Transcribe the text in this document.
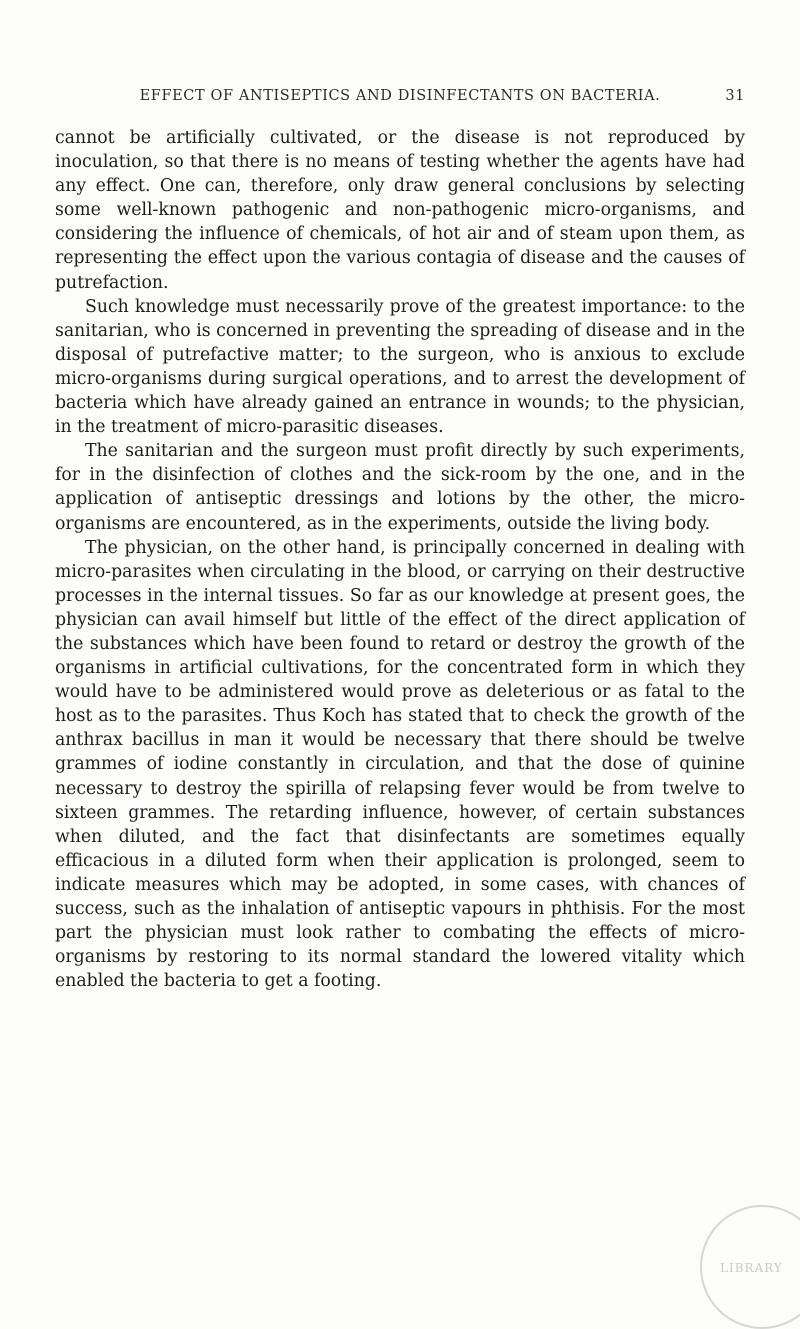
EFFECT OF ANTISEPTICS AND DISINFECTANTS ON BACTERIA.	31

cannot be artificially cultivated, or the disease is not reproduced by inoculation, so that there is no means of testing whether the agents have had any effect. One can, therefore, only draw general conclusions by selecting some well-known pathogenic and non-pathogenic micro-organisms, and considering the influence of chemicals, of hot air and of steam upon them, as representing the effect upon the various contagia of disease and the causes of putrefaction.

Such knowledge must necessarily prove of the greatest importance: to the sanitarian, who is concerned in preventing the spreading of disease and in the disposal of putrefactive matter; to the surgeon, who is anxious to exclude micro-organisms during surgical operations, and to arrest the development of bacteria which have already gained an entrance in wounds; to the physician, in the treatment of micro-parasitic diseases.

The sanitarian and the surgeon must profit directly by such experiments, for in the disinfection of clothes and the sick-room by the one, and in the application of antiseptic dressings and lotions by the other, the micro-organisms are encountered, as in the experiments, outside the living body.

The physician, on the other hand, is principally concerned in dealing with micro-parasites when circulating in the blood, or carrying on their destructive processes in the internal tissues. So far as our knowledge at present goes, the physician can avail himself but little of the effect of the direct application of the substances which have been found to retard or destroy the growth of the organisms in artificial cultivations, for the concentrated form in which they would have to be administered would prove as deleterious or as fatal to the host as to the parasites. Thus Koch has stated that to check the growth of the anthrax bacillus in man it would be necessary that there should be twelve grammes of iodine constantly in circulation, and that the dose of quinine necessary to destroy the spirilla of relapsing fever would be from twelve to sixteen grammes. The retarding influence, however, of certain substances when diluted, and the fact that disinfectants are sometimes equally efficacious in a diluted form when their application is prolonged, seem to indicate measures which may be adopted, in some cases, with chances of success, such as the inhalation of antiseptic vapours in phthisis. For the most part the physician must look rather to combating the effects of micro-organisms by restoring to its normal standard the lowered vitality which enabled the bacteria to get a footing.

LIBRARY
